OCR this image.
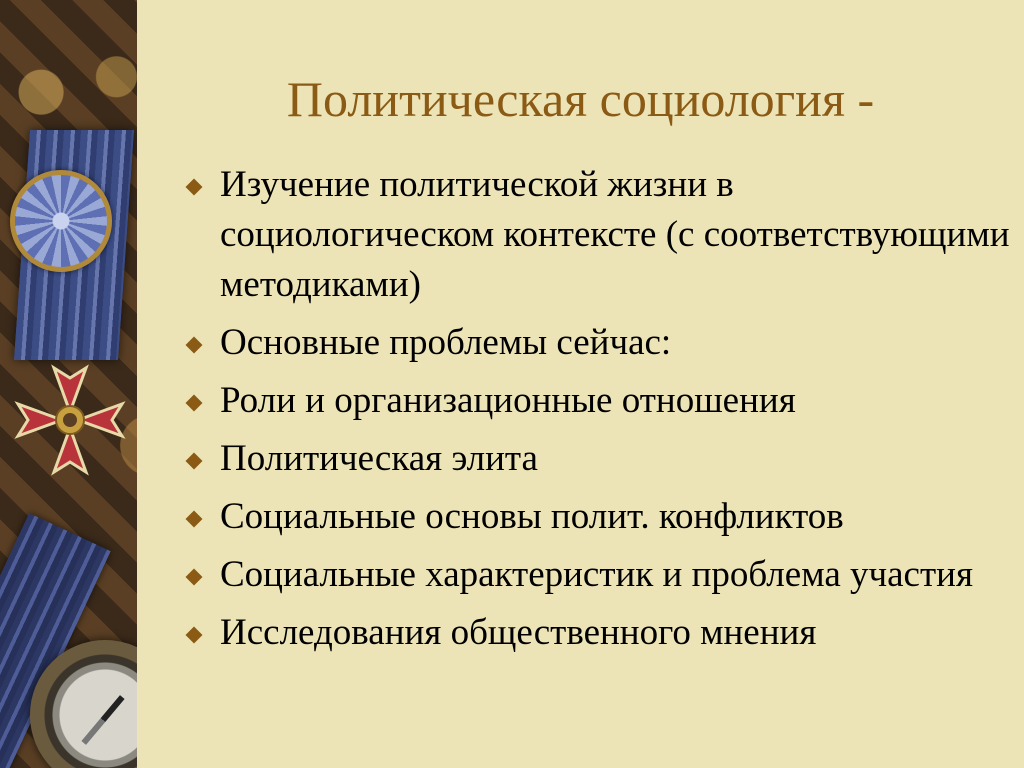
Политическая социология -
Изучение политической жизни в социологическом контексте (с соответствующими методиками)
Основные проблемы сейчас:
Роли и организационные отношения
Политическая элита
Социальные основы полит. конфликтов
Социальные характеристик и проблема участия
Исследования общественного мнения
